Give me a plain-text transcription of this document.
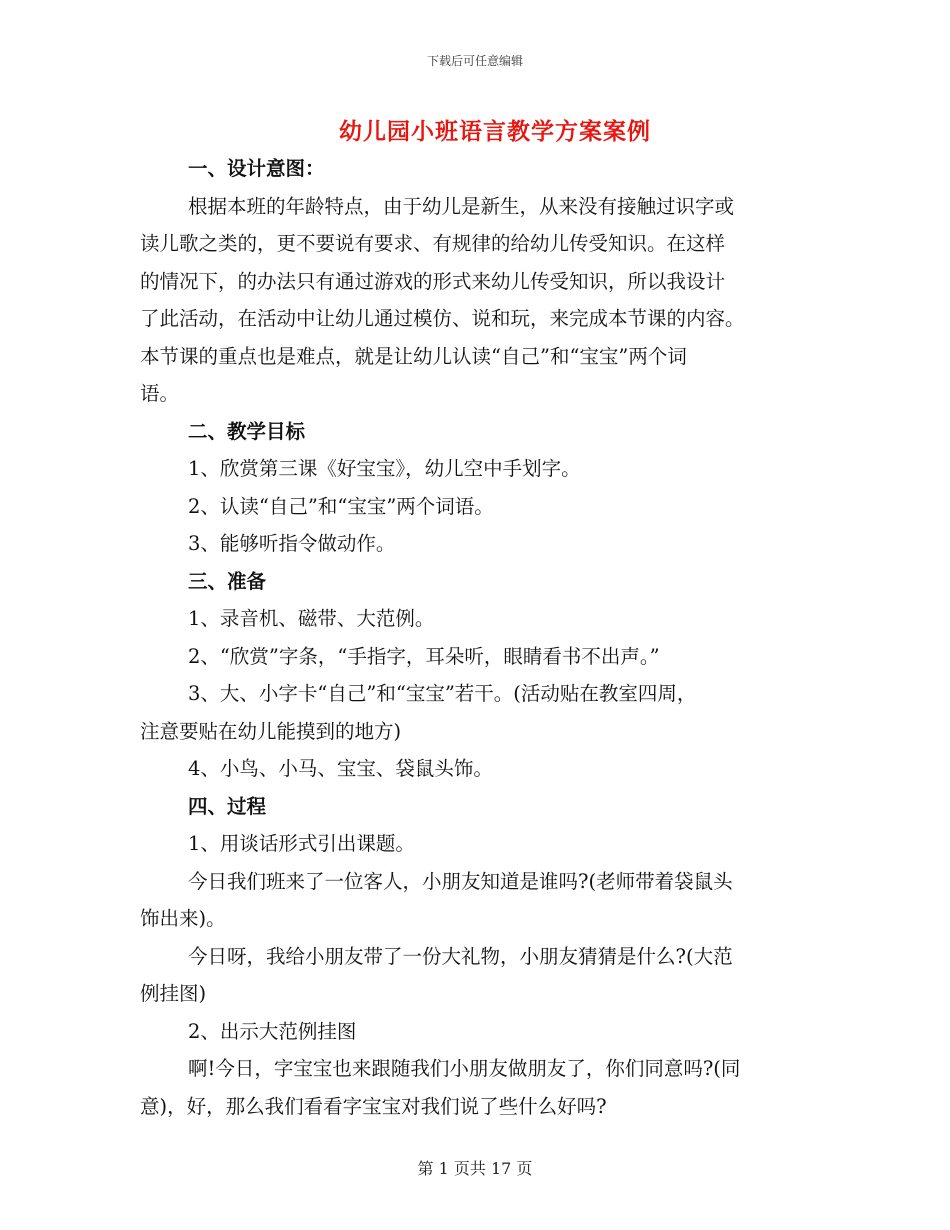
下载后可任意编辑
幼儿园小班语言教学方案案例
一、设计意图：
根据本班的年龄特点，由于幼儿是新生，从来没有接触过识字或
读儿歌之类的，更不要说有要求、有规律的给幼儿传受知识。在这样
的情况下，的办法只有通过游戏的形式来幼儿传受知识，所以我设计
了此活动，在活动中让幼儿通过模仿、说和玩，来完成本节课的内容。
本节课的重点也是难点，就是让幼儿认读“自己”和“宝宝”两个词
语。
二、教学目标
1、欣赏第三课《好宝宝》，幼儿空中手划字。
2、认读“自己”和“宝宝”两个词语。
3、能够听指令做动作。
三、准备
1、录音机、磁带、大范例。
2、“欣赏”字条，“手指字，耳朵听，眼睛看书不出声。”
3、大、小字卡“自己”和“宝宝”若干。(活动贴在教室四周，
注意要贴在幼儿能摸到的地方)
4、小鸟、小马、宝宝、袋鼠头饰。
四、过程
1、用谈话形式引出课题。
今日我们班来了一位客人，小朋友知道是谁吗?(老师带着袋鼠头
饰出来)。
今日呀，我给小朋友带了一份大礼物，小朋友猜猜是什么?(大范
例挂图)
2、出示大范例挂图
啊!今日，字宝宝也来跟随我们小朋友做朋友了，你们同意吗?(同
意)，好，那么我们看看字宝宝对我们说了些什么好吗?
第 1 页共 17 页
